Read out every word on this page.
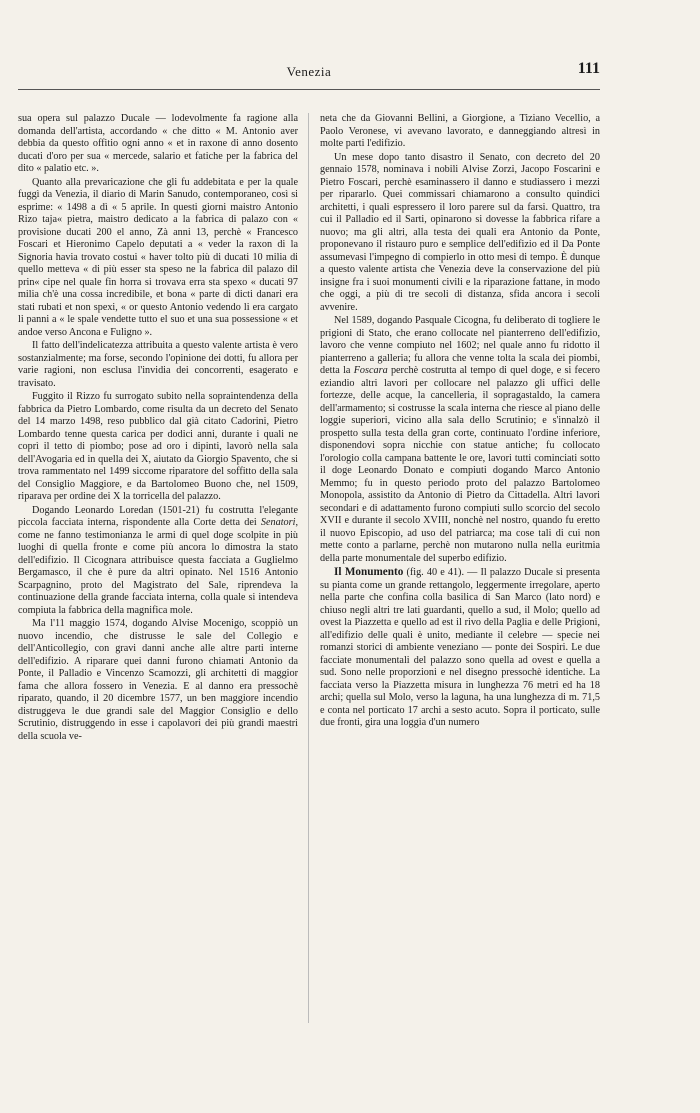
Venezia	111

sua opera sul palazzo Ducale — lodevolmente fa ragione alla domanda dell'artista, accordando « che ditto « M. Antonio aver debbia da questo offitio ogni anno « et in raxone di anno dosento ducati d'oro per sua « mercede, salario et fatiche per la fabrica del dito « palatio etc. ».

Quanto alla prevaricazione che gli fu addebitata e per la quale fuggì da Venezia, il diario di Marin Sanudo, contemporaneo, così si esprime: « 1498 a dì « 5 aprile. In questi giorni maistro Antonio Rizo taja« pietra, maistro dedicato a la fabrica di palazo con « provisione ducati 200 el anno, Zà anni 13, perchè « Francesco Foscari et Hieronimo Capelo deputati a « veder la raxon di la Signoria havia trovato costui « haver tolto più di ducati 10 milia di quello metteva « di più esser sta speso ne la fabrica dil palazo dil prin« cipe nel quale fin horra si trovava erra sta spexo « ducati 97 milia ch'è una cossa incredibile, et bona « parte di dicti danari era stati rubati et non spexi, « or questo Antonio vedendo li era cargato li panni a « le spale vendette tutto el suo et una sua possessione « et andoe verso Ancona e Fuligno ».

Il fatto dell'indelicatezza attribuita a questo valente artista è vero sostanzialmente; ma forse, secondo l'opinione dei dotti, fu allora per varie ragioni, non esclusa l'invidia dei concorrenti, esagerato e travisato.

Fuggito il Rizzo fu surrogato subito nella sopraintendenza della fabbrica da Pietro Lombardo, come risulta da un decreto del Senato del 14 marzo 1498, reso pubblico dal già citato Cadorini, Pietro Lombardo tenne questa carica per dodici anni, durante i quali ne coprì il tetto di piombo; pose ad oro i dipinti, lavorò nella sala dell'Avogaria ed in quella dei X, aiutato da Giorgio Spavento, che si trova rammentato nel 1499 siccome riparatore del soffitto della sala del Consiglio Maggiore, e da Bartolomeo Buono che, nel 1509, riparava per ordine dei X la torricella del palazzo.

Dogando Leonardo Loredan (1501-21) fu costrutta l'elegante piccola facciata interna, rispondente alla Corte detta dei Senatori, come ne fanno testimonianza le armi di quel doge scolpite in più luoghi di quella fronte e come più ancora lo dimostra la stato dell'edifizio. Il Cicognara attribuisce questa facciata a Guglielmo Bergamasco, il che è pure da altri opinato. Nel 1516 Antonio Scarpagnino, proto del Magistrato del Sale, riprendeva la continuazione della grande facciata interna, colla quale si intendeva compiuta la fabbrica della magnifica mole.

Ma l'11 maggio 1574, dogando Alvise Mocenigo, scoppiò un nuovo incendio, che distrusse le sale del Collegio e dell'Anticollegio, con gravi danni anche alle altre parti interne dell'edifizio. A riparare quei danni furono chiamati Antonio da Ponte, il Palladio e Vincenzo Scamozzi, gli architetti di maggior fama che allora fossero in Venezia. E al danno era pressochè riparato, quando, il 20 dicembre 1577, un ben maggiore incendio distruggeva le due grandi sale del Maggior Consiglio e dello Scrutinio, distruggendo in esse i capolavori dei più grandi maestri della scuola ve-

neta che da Giovanni Bellini, a Giorgione, a Tiziano Vecellio, a Paolo Veronese, vi avevano lavorato, e danneggiando altresì in molte parti l'edifizio.

Un mese dopo tanto disastro il Senato, con decreto del 20 gennaio 1578, nominava i nobili Alvise Zorzi, Jacopo Foscarini e Pietro Foscari, perchè esaminassero il danno e studiassero i mezzi per ripararlo. Quei commissari chiamarono a consulto quindici architetti, i quali espressero il loro parere sul da farsi. Quattro, tra cui il Palladio ed il Sarti, opinarono si dovesse la fabbrica rifare a nuovo; ma gli altri, alla testa dei quali era Antonio da Ponte, proponevano il ristauro puro e semplice dell'edifizio ed il Da Ponte assumevasi l'impegno di compierlo in otto mesi di tempo. È dunque a questo valente artista che Venezia deve la conservazione del più insigne fra i suoi monumenti civili e la riparazione fattane, in modo che oggi, a più di tre secoli di distanza, sfida ancora i secoli avvenire.

Nel 1589, dogando Pasquale Cicogna, fu deliberato di togliere le prigioni di Stato, che erano collocate nel pianterreno dell'edifizio, lavoro che venne compiuto nel 1602; nel quale anno fu ridotto il pianterreno a galleria; fu allora che venne tolta la scala dei piombi, detta la Foscara perchè costrutta al tempo di quel doge, e si fecero eziandio altri lavori per collocare nel palazzo gli uffici delle fortezze, delle acque, la cancelleria, il sopragastaldo, la camera dell'armamento; si costrusse la scala interna che riesce al piano delle loggie superiori, vicino alla sala dello Scrutinio; e s'innalzò il prospetto sulla testa della gran corte, continuato l'ordine inferiore, disponendovi sopra nicchie con statue antiche; fu collocato l'orologio colla campana battente le ore, lavori tutti cominciati sotto il doge Leonardo Donato e compiuti dogando Marco Antonio Memmo; fu in questo periodo proto del palazzo Bartolomeo Monopola, assistito da Antonio di Pietro da Cittadella. Altri lavori secondari e di adattamento furono compiuti sullo scorcio del secolo XVII e durante il secolo XVIII, nonchè nel nostro, quando fu eretto il nuovo Episcopio, ad uso del patriarca; ma cose tali di cui non mette conto a parlarne, perchè non mutarono nulla nella euritmia della parte monumentale del superbo edifizio.

Il Monumento (fig. 40 e 41). — Il palazzo Ducale si presenta su pianta come un grande rettangolo, leggermente irregolare, aperto nella parte che confina colla basilica di San Marco (lato nord) e chiuso negli altri tre lati guardanti, quello a sud, il Molo; quello ad ovest la Piazzetta e quello ad est il rivo della Paglia e delle Prigioni, all'edifizio delle quali è unito, mediante il celebre — specie nei romanzi storici di ambiente veneziano — ponte dei Sospiri. Le due facciate monumentali del palazzo sono quella ad ovest e quella a sud. Sono nelle proporzioni e nel disegno pressochè identiche. La facciata verso la Piazzetta misura in lunghezza 76 metri ed ha 18 archi; quella sul Molo, verso la laguna, ha una lunghezza di m. 71,5 e conta nel porticato 17 archi a sesto acuto. Sopra il porticato, sulle due fronti, gira una loggia d'un numero
